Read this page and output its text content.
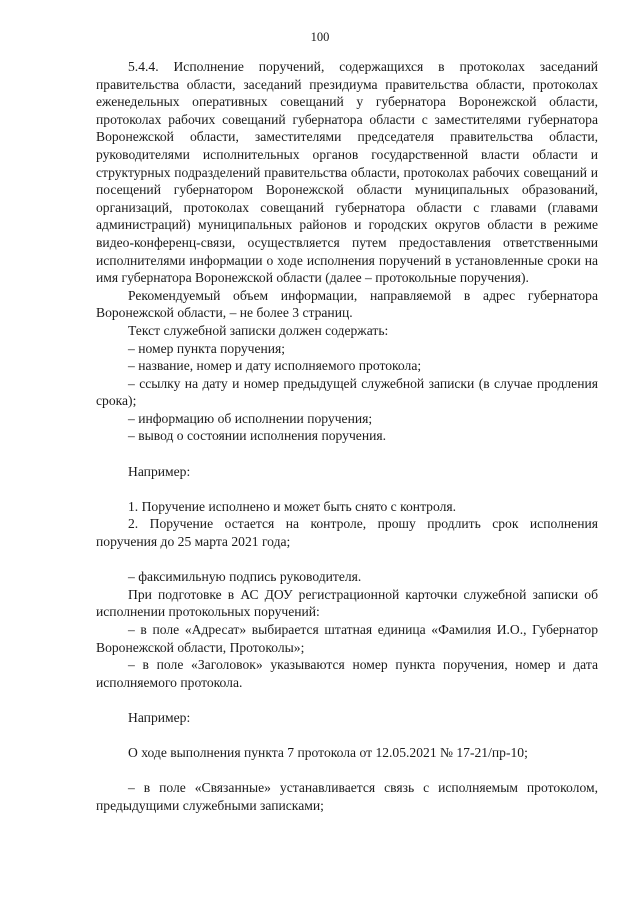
100

5.4.4. Исполнение поручений, содержащихся в протоколах заседаний правительства области, заседаний президиума правительства области, протоколах еженедельных оперативных совещаний у губернатора Воронежской области, протоколах рабочих совещаний губернатора области с заместителями губернатора Воронежской области, заместителями председателя правительства области, руководителями исполнительных органов государственной власти области и структурных подразделений правительства области, протоколах рабочих совещаний и посещений губернатором Воронежской области муниципальных образований, организаций, протоколах совещаний губернатора области с главами (главами администраций) муниципальных районов и городских округов области в режиме видео-конференц-связи, осуществляется путем предоставления ответственными исполнителями информации о ходе исполнения поручений в установленные сроки на имя губернатора Воронежской области (далее – протокольные поручения).

Рекомендуемый объем информации, направляемой в адрес губернатора Воронежской области, – не более 3 страниц.

Текст служебной записки должен содержать:

– номер пункта поручения;

– название, номер и дату исполняемого протокола;

– ссылку на дату и номер предыдущей служебной записки (в случае продления срока);

– информацию об исполнении поручения;

– вывод о состоянии исполнения поручения.

Например:

1. Поручение исполнено и может быть снято с контроля.

2. Поручение остается на контроле, прошу продлить срок исполнения поручения до 25 марта 2021 года;

– факсимильную подпись руководителя.

При подготовке в АС ДОУ регистрационной карточки служебной записки об исполнении протокольных поручений:

– в поле «Адресат» выбирается штатная единица «Фамилия И.О., Губернатор Воронежской области, Протоколы»;

– в поле «Заголовок» указываются номер пункта поручения, номер и дата исполняемого протокола.

Например:

О ходе выполнения пункта 7 протокола от 12.05.2021 № 17-21/пр-10;

– в поле «Связанные» устанавливается связь с исполняемым протоколом, предыдущими служебными записками;
